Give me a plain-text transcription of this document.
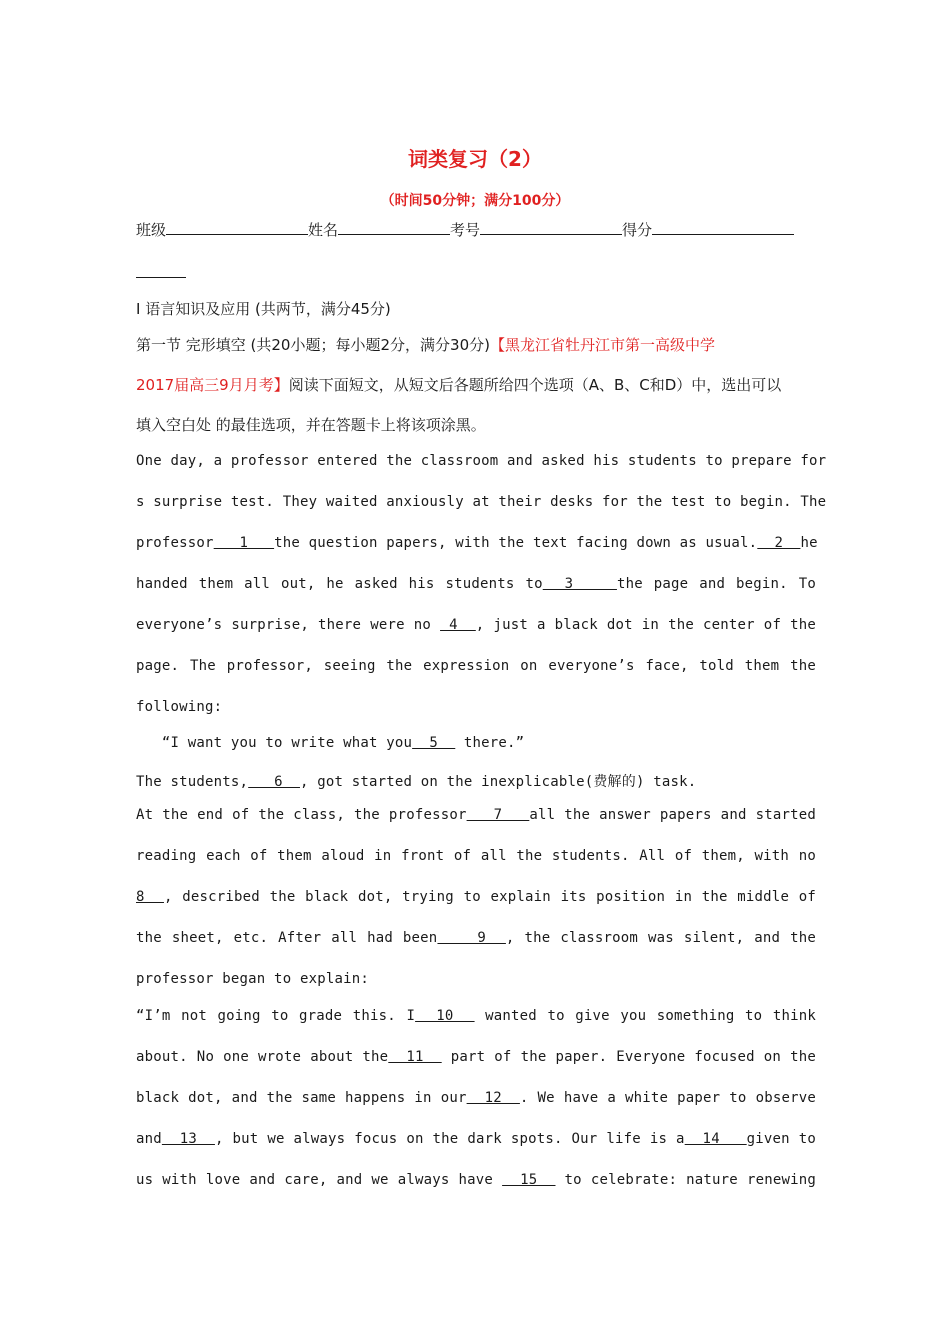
词类复习（2）
（时间50分钟；满分100分）
班级	姓名	考号	得分
I 语言知识及应用 (共两节，满分45分)
第一节 完形填空 (共20小题；每小题2分，满分30分)【黑龙江省牡丹江市第一高级中学
2017届高三9月月考】阅读下面短文，从短文后各题所给四个选项（A、B、C和D）中，选出可以
填入空白处 的最佳选项，并在答题卡上将该项涂黑。
One day, a professor entered the classroom and asked his students to prepare for
s surprise test. They waited anxiously at their desks for the test to begin. The
professor   1   the question papers, with the text facing down as usual.  2  he
handed them all out, he asked his students to  3    the page and begin. To
everyone’s surprise, there were no  4  , just a black dot in the center of the
page. The professor, seeing the expression on everyone’s face, told them the
following:
“I want you to write what you  5   there.”
The students,   6  , got started on the inexplicable(费解的) task.
At the end of the class, the professor   7   all the answer papers and started
reading each of them aloud in front of all the students. All of them, with no
8  , described the black dot, trying to explain its position in the middle of
the sheet, etc. After all had been    9  , the classroom was silent, and the
professor began to explain:
“I’m not going to grade this. I  10   wanted to give you something to think
about. No one wrote about the  11   part of the paper. Everyone focused on the
black dot, and the same happens in our  12  . We have a white paper to observe
and  13  , but we always focus on the dark spots. Our life is a  14   given to
us with love and care, and we always have   15   to celebrate: nature renewing
